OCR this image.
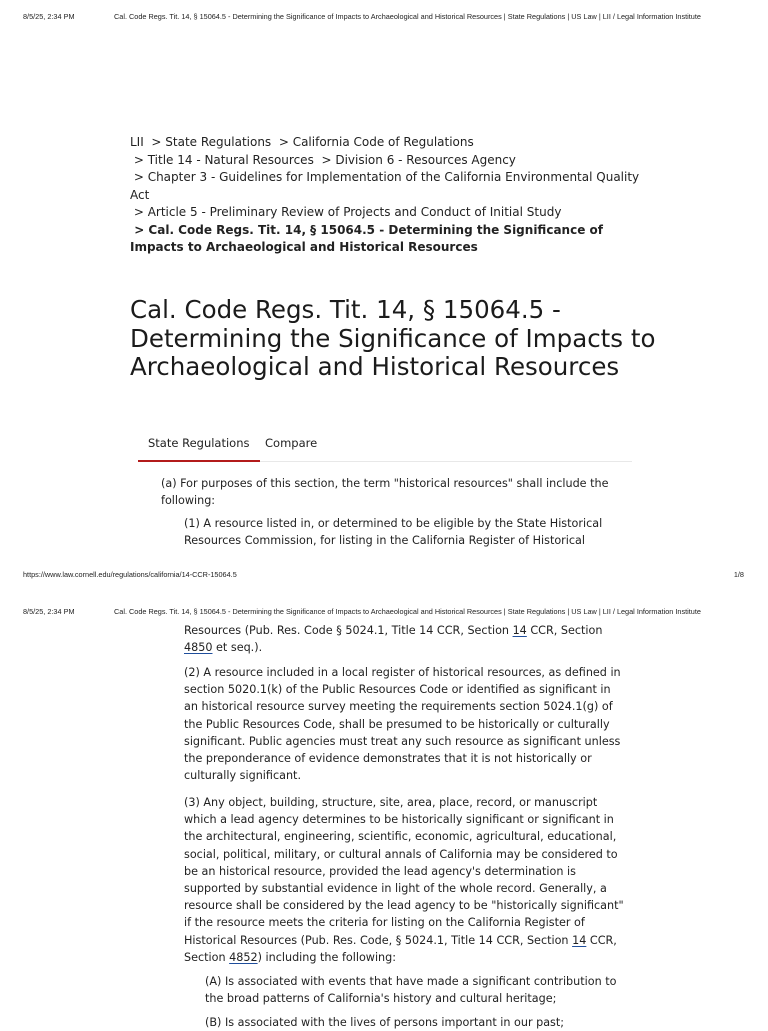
8/5/25, 2:34 PM	Cal. Code Regs. Tit. 14, § 15064.5 - Determining the Significance of Impacts to Archaeological and Historical Resources | State Regulations | US Law | LII / Legal Information Institute
LII > State Regulations > California Code of Regulations
> Title 14 - Natural Resources > Division 6 - Resources Agency
> Chapter 3 - Guidelines for Implementation of the California Environmental Quality Act
> Article 5 - Preliminary Review of Projects and Conduct of Initial Study
> Cal. Code Regs. Tit. 14, § 15064.5 - Determining the Significance of Impacts to Archaeological and Historical Resources
Cal. Code Regs. Tit. 14, § 15064.5 - Determining the Significance of Impacts to Archaeological and Historical Resources
State Regulations	Compare

(a) For purposes of this section, the term "historical resources" shall include the following:

(1) A resource listed in, or determined to be eligible by the State Historical Resources Commission, for listing in the California Register of Historical

Resources (Pub. Res. Code § 5024.1, Title 14 CCR, Section 14 CCR, Section 4850 et seq.).

(2) A resource included in a local register of historical resources, as defined in section 5020.1(k) of the Public Resources Code or identified as significant in an historical resource survey meeting the requirements section 5024.1(g) of the Public Resources Code, shall be presumed to be historically or culturally significant. Public agencies must treat any such resource as significant unless the preponderance of evidence demonstrates that it is not historically or culturally significant.

(3) Any object, building, structure, site, area, place, record, or manuscript which a lead agency determines to be historically significant or significant in the architectural, engineering, scientific, economic, agricultural, educational, social, political, military, or cultural annals of California may be considered to be an historical resource, provided the lead agency's determination is supported by substantial evidence in light of the whole record. Generally, a resource shall be considered by the lead agency to be "historically significant" if the resource meets the criteria for listing on the California Register of Historical Resources (Pub. Res. Code, § 5024.1, Title 14 CCR, Section 14 CCR, Section 4852) including the following:

(A) Is associated with events that have made a significant contribution to the broad patterns of California's history and cultural heritage;

(B) Is associated with the lives of persons important in our past;

https://www.law.cornell.edu/regulations/california/14-CCR-15064.5	1/8
8/5/25, 2:34 PM	Cal. Code Regs. Tit. 14, § 15064.5 - Determining the Significance of Impacts to Archaeological and Historical Resources | State Regulations | US Law | LII / Legal Information Institute
